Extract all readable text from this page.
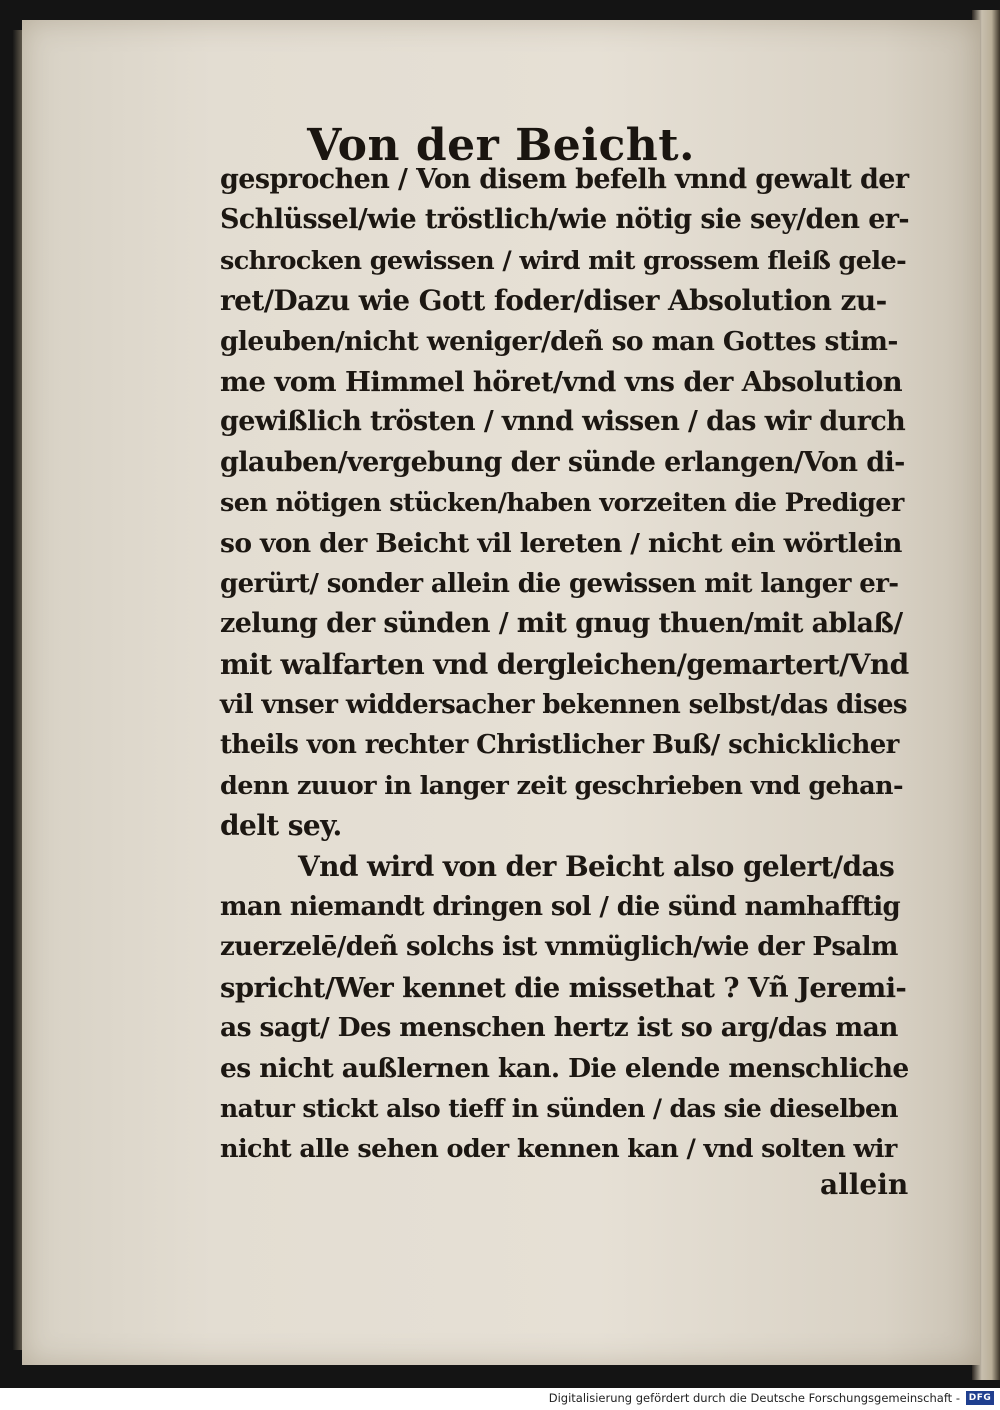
Von der Beicht.
gesprochen / Von disem befelh vnnd gewalt der
Schlüssel/wie tröstlich/wie nötig sie sey/den er-
schrocken gewissen / wird mit grossem fleiß gele-
ret/Dazu wie Gott foder/diser Absolution zu-
gleuben/nicht weniger/deñ so man Gottes stim-
me vom Himmel höret/vnd vns der Absolution
gewißlich trösten / vnnd wissen / das wir durch
glauben/vergebung der sünde erlangen/Von di-
sen nötigen stücken/haben vorzeiten die Prediger
so von der Beicht vil lereten / nicht ein wörtlein
gerürt/ sonder allein die gewissen mit langer er-
zelung der sünden / mit gnug thuen/mit ablaß/
mit walfarten vnd dergleichen/gemartert/Vnd
vil vnser widdersacher bekennen selbst/das dises
theils von rechter Christlicher Buß/ schicklicher
denn zuuor in langer zeit geschrieben vnd gehan-
delt sey.
Vnd wird von der Beicht also gelert/das
man niemandt dringen sol / die sünd namhafftig
zuerzelē/deñ solchs ist vnmüglich/wie der Psalm
spricht/Wer kennet die missethat ? Vñ Jeremi-
as sagt/ Des menschen hertz ist so arg/das man
es nicht außlernen kan. Die elende menschliche
natur stickt also tieff in sünden / das sie dieselben
nicht alle sehen oder kennen kan / vnd solten wir
allein
Digitalisierung gefördert durch die Deutsche Forschungsgemeinschaft - DFG
